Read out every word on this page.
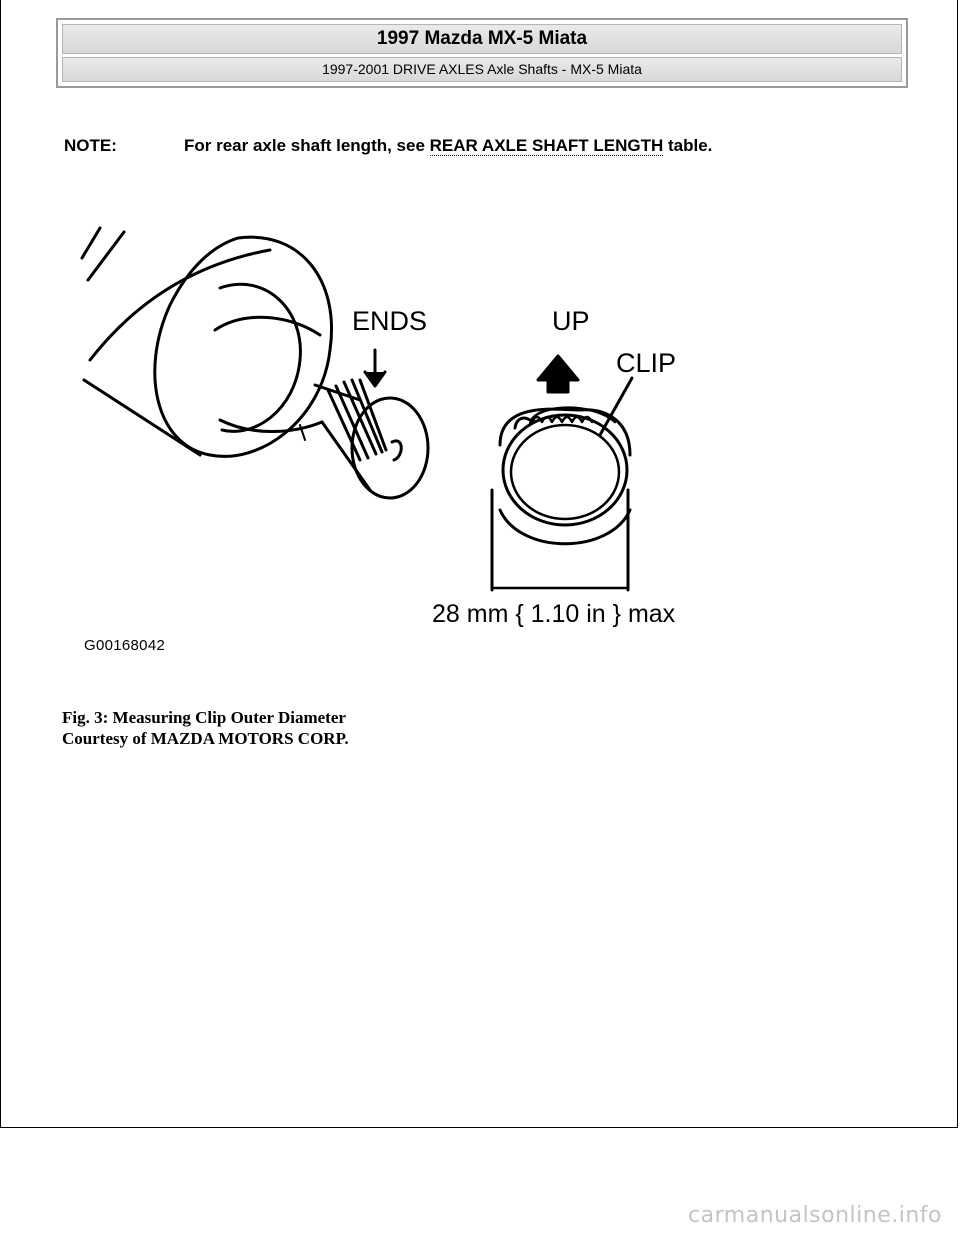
1997 Mazda MX-5 Miata
1997-2001 DRIVE AXLES Axle Shafts - MX-5 Miata
NOTE:	For rear axle shaft length, see REAR AXLE SHAFT LENGTH table.
ENDS	UP
CLIP
28 mm { 1.10 in } max
G00168042
Fig. 3: Measuring Clip Outer Diameter
Courtesy of MAZDA MOTORS CORP.
carmanualsonline.info
